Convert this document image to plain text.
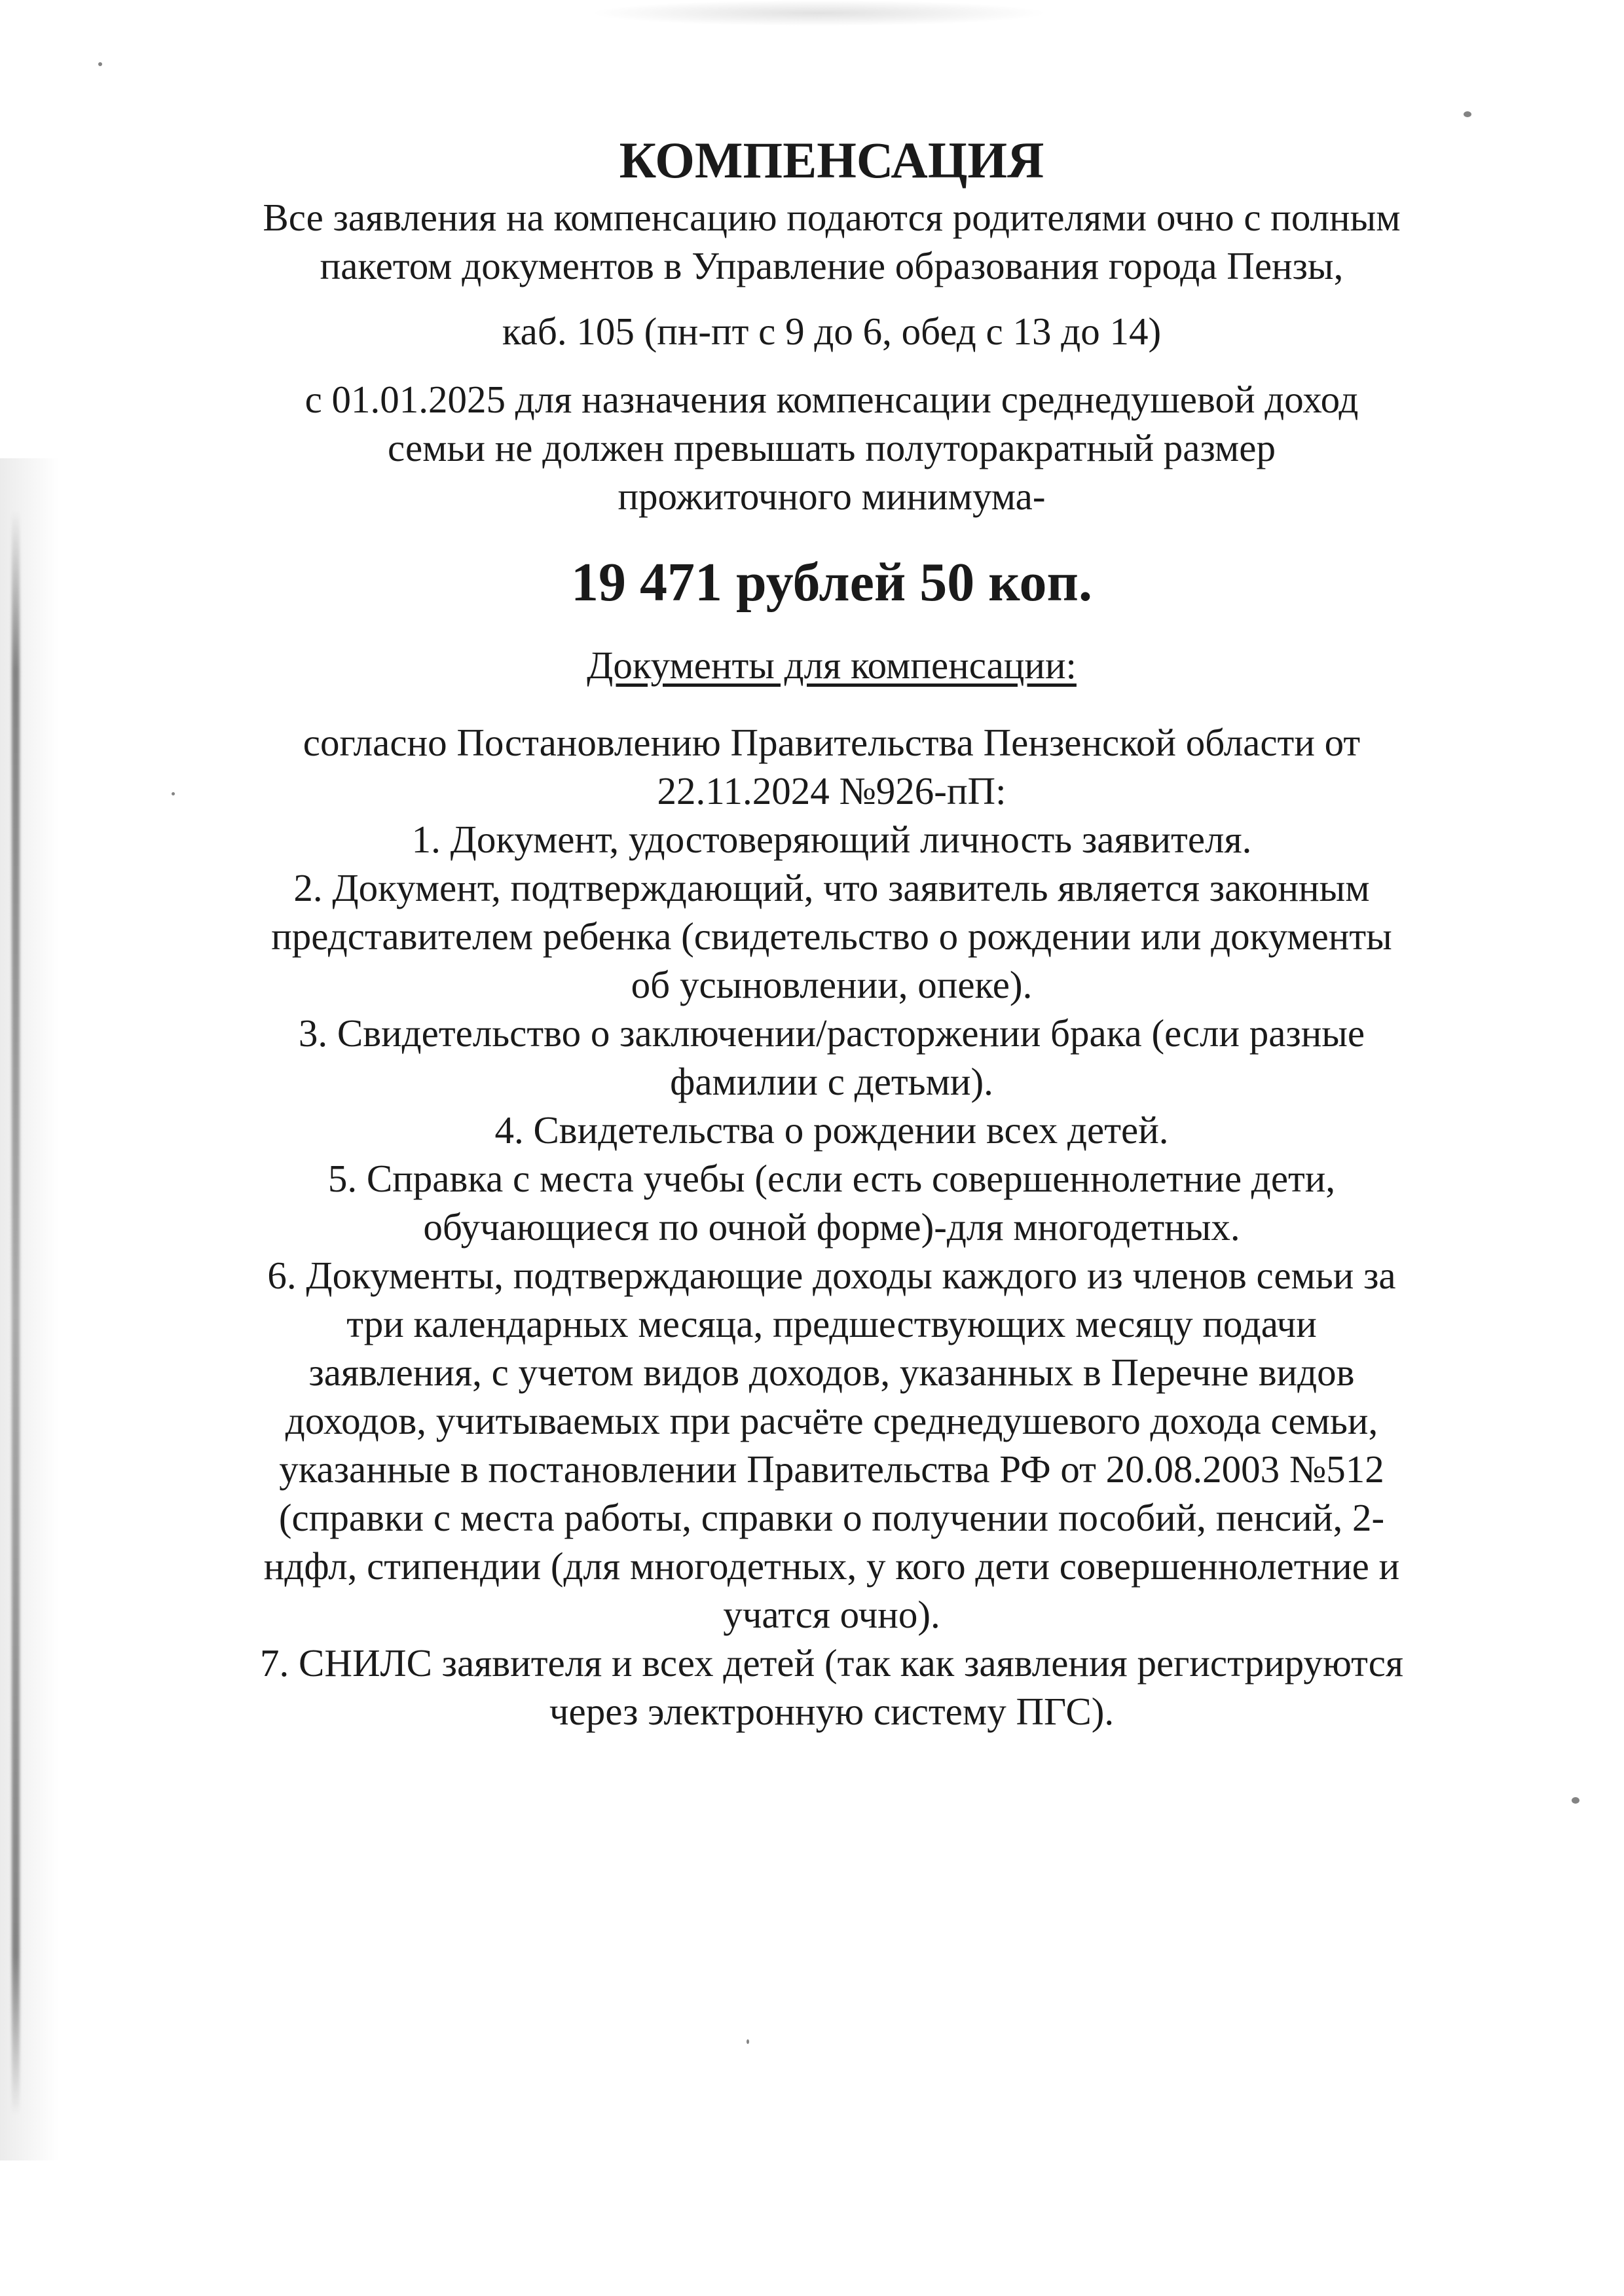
КОМПЕНСАЦИЯ

Все заявления на компенсацию подаются родителями очно с полным

пакетом документов в Управление образования города Пензы,

каб. 105 (пн-пт с 9 до 6, обед с 13 до 14)

с 01.01.2025 для назначения компенсации среднедушевой доход

семьи не должен превышать полуторакратный размер

прожиточного минимума-

19 471 рублей 50 коп.

Документы для компенсации:

согласно Постановлению Правительства Пензенской области от

22.11.2024 №926-пП:

1. Документ, удостоверяющий личность заявителя.

2. Документ, подтверждающий, что заявитель является законным

представителем ребенка (свидетельство о рождении или документы

об усыновлении, опеке).

3. Свидетельство о заключении/расторжении брака (если разные

фамилии с детьми).

4. Свидетельства о рождении всех детей.

5. Справка с места учебы (если есть совершеннолетние дети,

обучающиеся по очной форме)-для многодетных.

6. Документы, подтверждающие доходы каждого из членов семьи за

три календарных месяца, предшествующих месяцу подачи

заявления, с учетом видов доходов, указанных в Перечне видов

доходов, учитываемых при расчёте среднедушевого дохода семьи,

указанные в постановлении Правительства РФ от 20.08.2003 №512

(справки с места работы, справки о получении пособий, пенсий, 2-

ндфл, стипендии (для многодетных, у кого дети совершеннолетние и

учатся очно).

7. СНИЛС заявителя и всех детей (так как заявления регистрируются

через электронную систему ПГС).
